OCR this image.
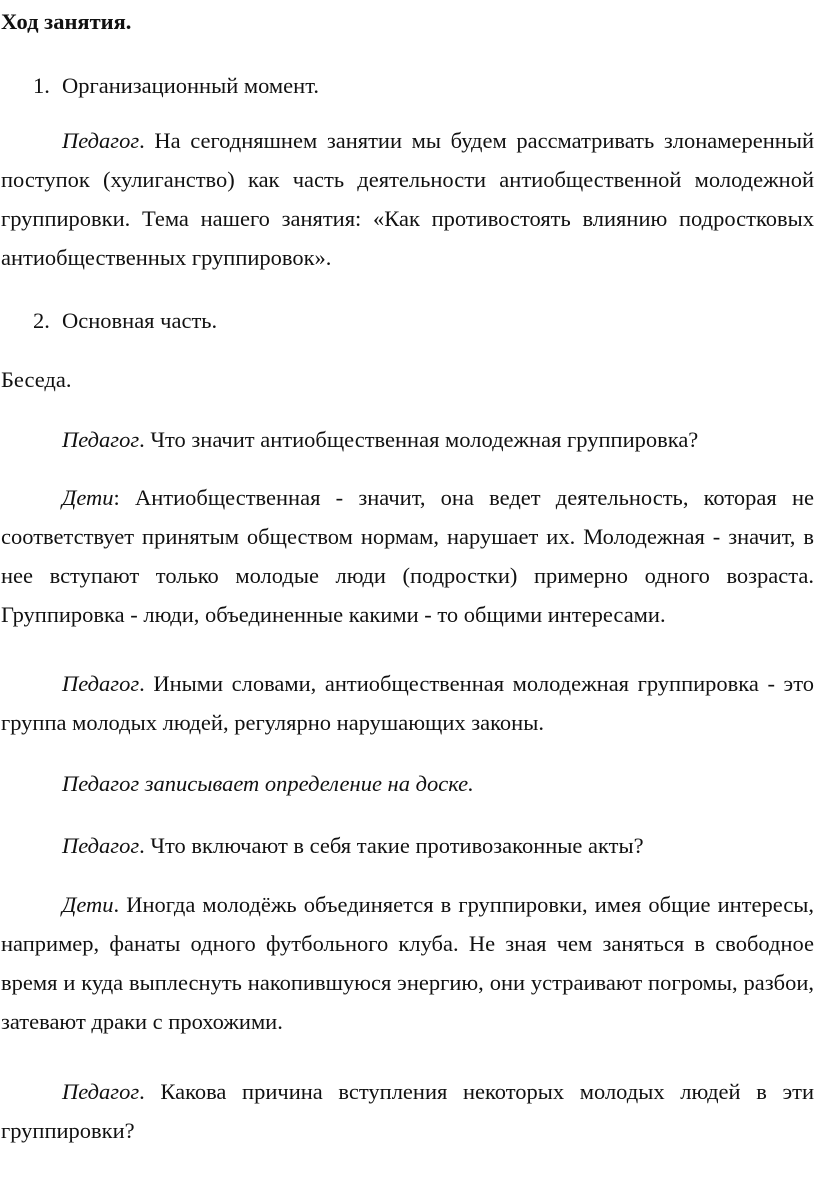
Ход занятия.

1. Организационный момент.

Педагог. На сегодняшнем занятии мы будем рассматривать злонамеренный поступок (хулиганство) как часть деятельности антиобщественной молодежной группировки. Тема нашего занятия: «Как противостоять влиянию подростковых антиобщественных группировок».

2. Основная часть.

Беседа.

Педагог. Что значит антиобщественная молодежная группировка?

Дети: Антиобщественная - значит, она ведет деятельность, которая не соответствует принятым обществом нормам, нарушает их. Молодежная - значит, в нее вступают только молодые люди (подростки) примерно одного возраста. Группировка - люди, объединенные какими - то общими интересами.

Педагог. Иными словами, антиобщественная молодежная группировка - это группа молодых людей, регулярно нарушающих законы.

Педагог записывает определение на доске.

Педагог. Что включают в себя такие противозаконные акты?

Дети. Иногда молодёжь объединяется в группировки, имея общие интересы, например, фанаты одного футбольного клуба. Не зная чем заняться в свободное время и куда выплеснуть накопившуюся энергию, они устраивают погромы, разбои, затевают драки с прохожими.

Педагог. Какова причина вступления некоторых молодых людей в эти группировки?
